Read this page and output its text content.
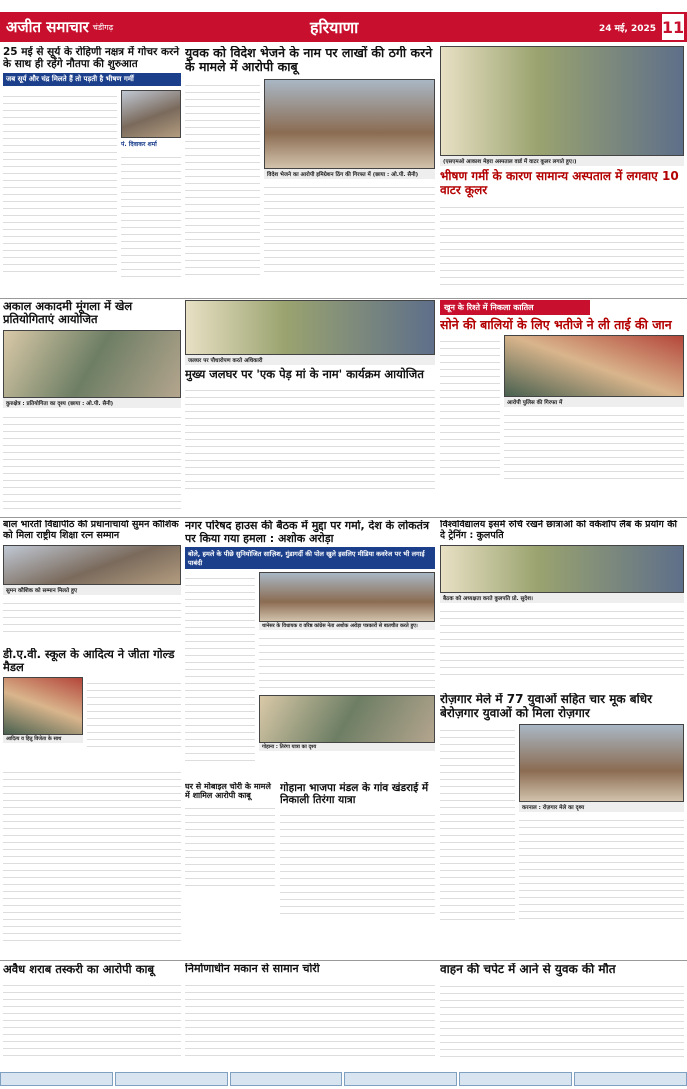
अजीत समाचार चंडीगढ़	हरियाणा	24 मई, 2025 11
25 मई से सूर्य के रोहिणी नक्षत्र में गोचर करने के साथ ही रहेंगे नौतपा की शुरुआत
जब सूर्य और चंद्र मिलते हैं तो पड़ती है भीषण गर्मी
पं. दिवाकर शर्मा
युवक को विदेश भेजने के नाम पर लाखों की ठगी करने के मामले में आरोपी काबू
विदेश भेजने का आरोपी इमिग्रेशन ठिंग की गिरफ्त में (छाया : ओ.पी. सैनी)
(एसएमओ आकाश मेहरा अस्पताल वार्ड में वाटर कूलर लगाते हुए।)
भीषण गर्मी के कारण सामान्य अस्पताल में लगवाए 10 वाटर कूलर
अकाल अकादमी मूंगला में खेल प्रतियोगिताएं आयोजित
कुरुक्षेत्र : प्रतियोगिता का दृश्य (छाया : ओ.पी. सैनी)
जलघर पर पौधारोपण करते अधिकारी
मुख्य जलघर पर 'एक पेड़ मां के नाम' कार्यक्रम आयोजित
खून के रिश्ते में निकला कातिल
सोने की बालियों के लिए भतीजे ने ली ताई की जान
आरोपी पुलिस की गिरफ्त में
बाल भारती विद्यापीठ की प्रधानाचार्या सुमन कौशिक को मिला राष्ट्रीय शिक्षा रत्न सम्मान
सुमन कौशिक को सम्मान मिलते हुए
नगर परिषद हाउस की बैठक में मुद्दा पर गर्मा, देश के लोकतंत्र पर किया गया हमला : अशोक अरोड़ा
बोले, हमले के पीछे सुनियोजित साज़िश, गुंडागर्दी की पोल खुले इसलिए मीडिया कवरेज पर भी लगाई पाबंदी
थानेसर के विधायक व वरिष्ठ कांग्रेस नेता अशोक अरोड़ा पत्रकारों से बातचीत करते हुए।
गोहाना : तिरंगा यात्रा का दृश्य
विश्वविद्यालय इसमें रुचि रखने छात्राओं को वर्कशॉप लैब के प्रयोग की दे ट्रेनिंग : कुलपति
बैठक को अध्यक्षता करते कुलपति प्रो. सुदेश।
डी.ए.वी. स्कूल के आदित्य ने जीता गोल्ड मैडल
आदित्य व हितु विजेता के साथ
घर से मोबाइल चोरी के मामले में शामिल आरोपी काबू
गोहाना भाजपा मंडल के गांव खंडराई में निकाली तिरंगा यात्रा
रोज़गार मेले में 77 युवाओं सहित चार मूक बधिर बेरोज़गार युवाओं को मिला रोज़गार
करनाल : रोज़गार मेले का दृश्य
अवैध शराब तस्करी का आरोपी काबू	निर्माणाधीन मकान से सामान चोरी	वाहन की चपेट में आने से युवक की मौत
